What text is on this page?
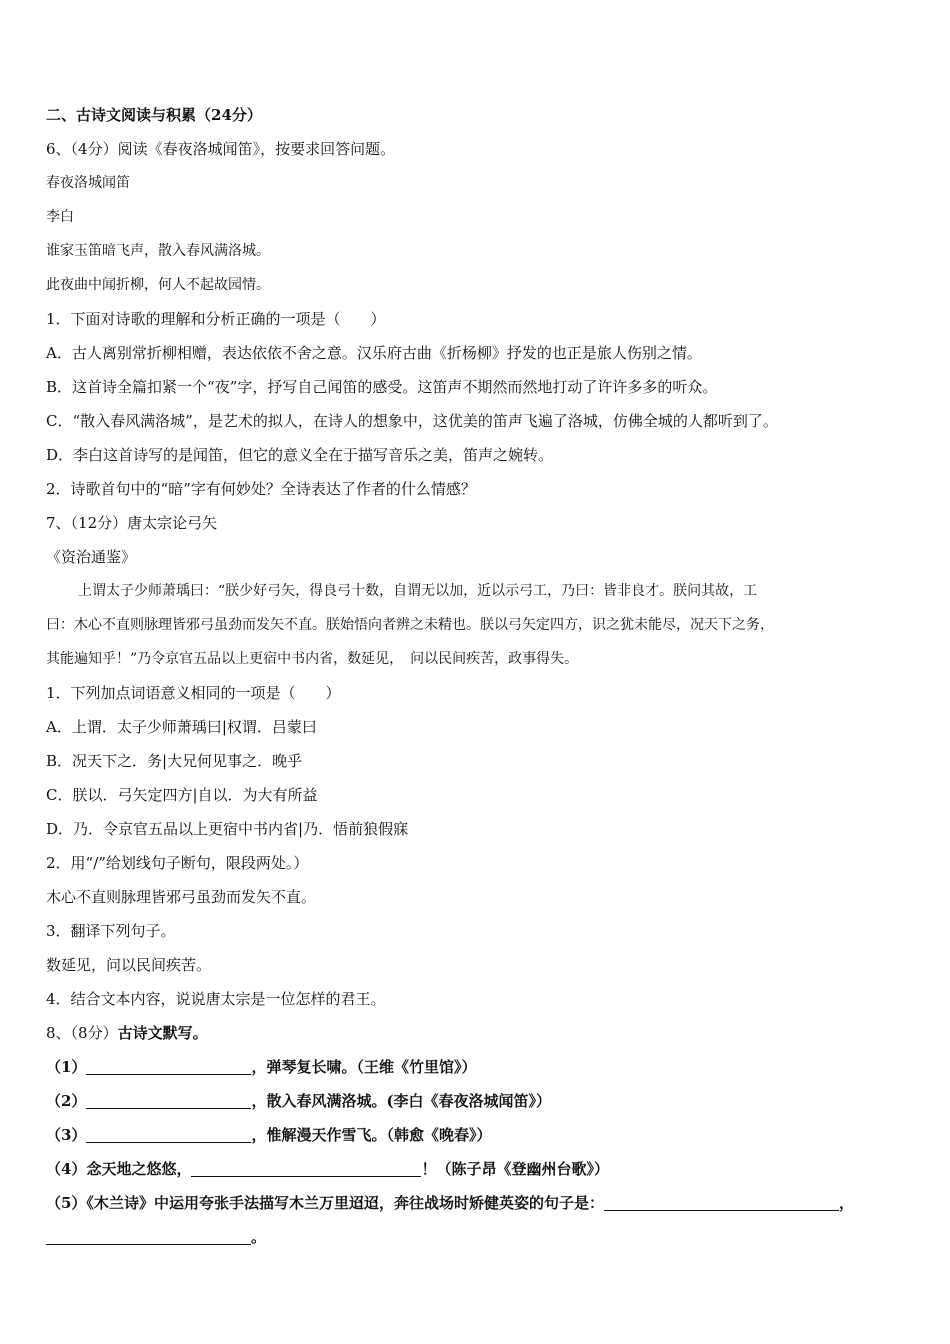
二、古诗文阅读与积累（24分）
6、（4分）阅读《春夜洛城闻笛》，按要求回答问题。
春夜洛城闻笛
李白
谁家玉笛暗飞声，散入春风满洛城。
此夜曲中闻折柳，何人不起故园情。
1．下面对诗歌的理解和分析正确的一项是（　　）
A．古人离别常折柳相赠，表达依依不舍之意。汉乐府古曲《折杨柳》抒发的也正是旅人伤别之情。
B．这首诗全篇扣紧一个“夜”字，抒写自己闻笛的感受。这笛声不期然而然地打动了许许多多的听众。
C．“散入春风满洛城”，是艺术的拟人，在诗人的想象中，这优美的笛声飞遍了洛城，仿佛全城的人都听到了。
D．李白这首诗写的是闻笛，但它的意义全在于描写音乐之美，笛声之婉转。
2．诗歌首句中的“暗”字有何妙处？全诗表达了作者的什么情感？
7、（12分）唐太宗论弓矢
《资治通鉴》
上谓太子少师萧瑀曰：“朕少好弓矢，得良弓十数，自谓无以加，近以示弓工，乃曰：皆非良才。朕问其故，工
曰：木心不直则脉理皆邪弓虽劲而发矢不直。朕始悟向者辨之未精也。朕以弓矢定四方，识之犹未能尽，况天下之务，
其能遍知乎！”乃令京官五品以上更宿中书内省，数延见，　问以民间疾苦，政事得失。
1．下列加点词语意义相同的一项是（　　）
A．上谓．太子少师萧瑀曰|权谓．吕蒙曰
B．况天下之．务|大兄何见事之．晚乎
C．朕以．弓矢定四方|自以．为大有所益
D．乃．令京官五品以上更宿中书内省|乃．悟前狼假寐
2．用“/”给划线句子断句，限段两处。）
木心不直则脉理皆邪弓虽劲而发矢不直。
3．翻译下列句子。
数延见，问以民间疾苦。
4．结合文本内容，说说唐太宗是一位怎样的君王。
8、（8分）古诗文默写。
（1）	，弹琴复长啸。（王维《竹里馆》）
（2）	，散入春风满洛城。(李白《春夜洛城闻笛》）
（3）	，惟解漫天作雪飞。（韩愈《晚春》）
（4）念天地之悠悠，	！（陈子昂《登幽州台歌》）
（5）《木兰诗》中运用夸张手法描写木兰万里迢迢，奔往战场时矫健英姿的句子是：	，
。
